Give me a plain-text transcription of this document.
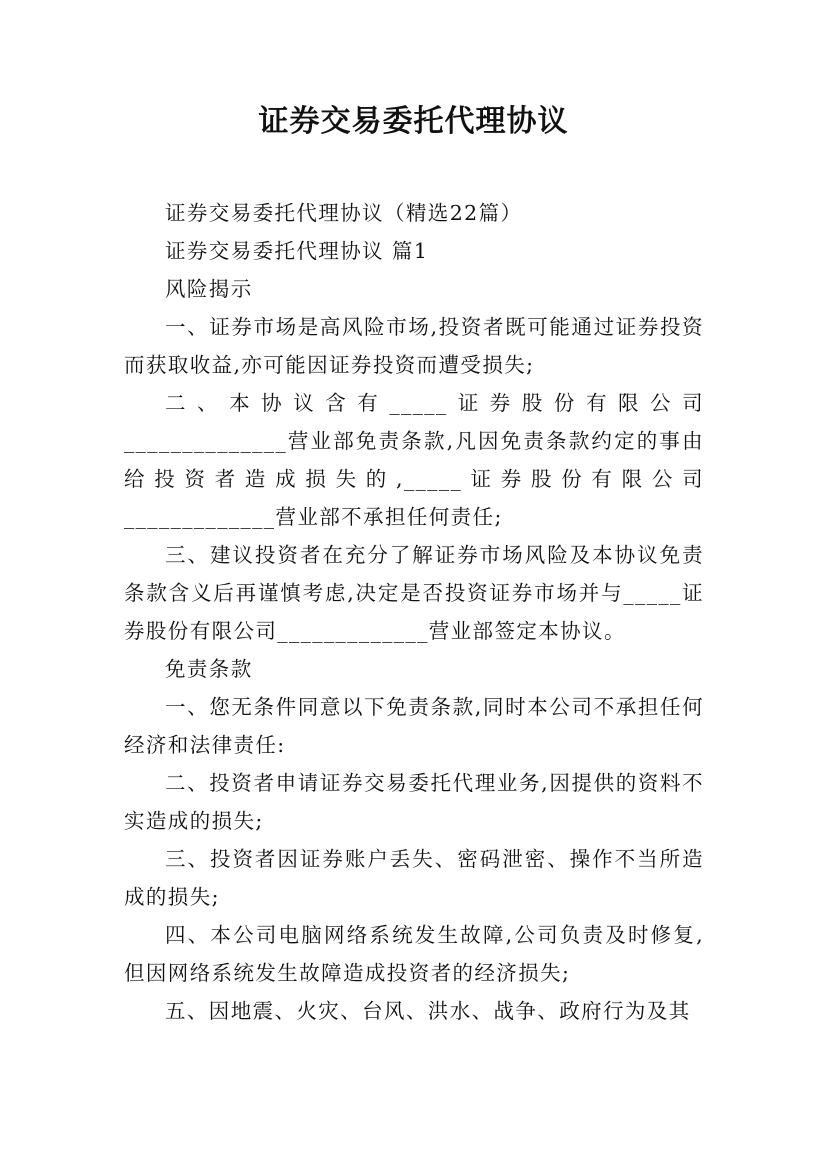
证券交易委托代理协议

证券交易委托代理协议（精选22篇）

证券交易委托代理协议 篇1

风险揭示

一、证券市场是高风险市场,投资者既可能通过证券投资而获取收益,亦可能因证券投资而遭受损失;

二、本协议含有_____证券股份有限公司______________营业部免责条款,凡因免责条款约定的事由给投资者造成损失的,_____证券股份有限公司_____________营业部不承担任何责任;

三、建议投资者在充分了解证券市场风险及本协议免责条款含义后再谨慎考虑,决定是否投资证券市场并与_____证券股份有限公司_____________营业部签定本协议。

免责条款

一、您无条件同意以下免责条款,同时本公司不承担任何经济和法律责任:

二、投资者申请证券交易委托代理业务,因提供的资料不实造成的损失;

三、投资者因证券账户丢失、密码泄密、操作不当所造成的损失;

四、本公司电脑网络系统发生故障,公司负责及时修复,但因网络系统发生故障造成投资者的经济损失;

五、因地震、火灾、台风、洪水、战争、政府行为及其
